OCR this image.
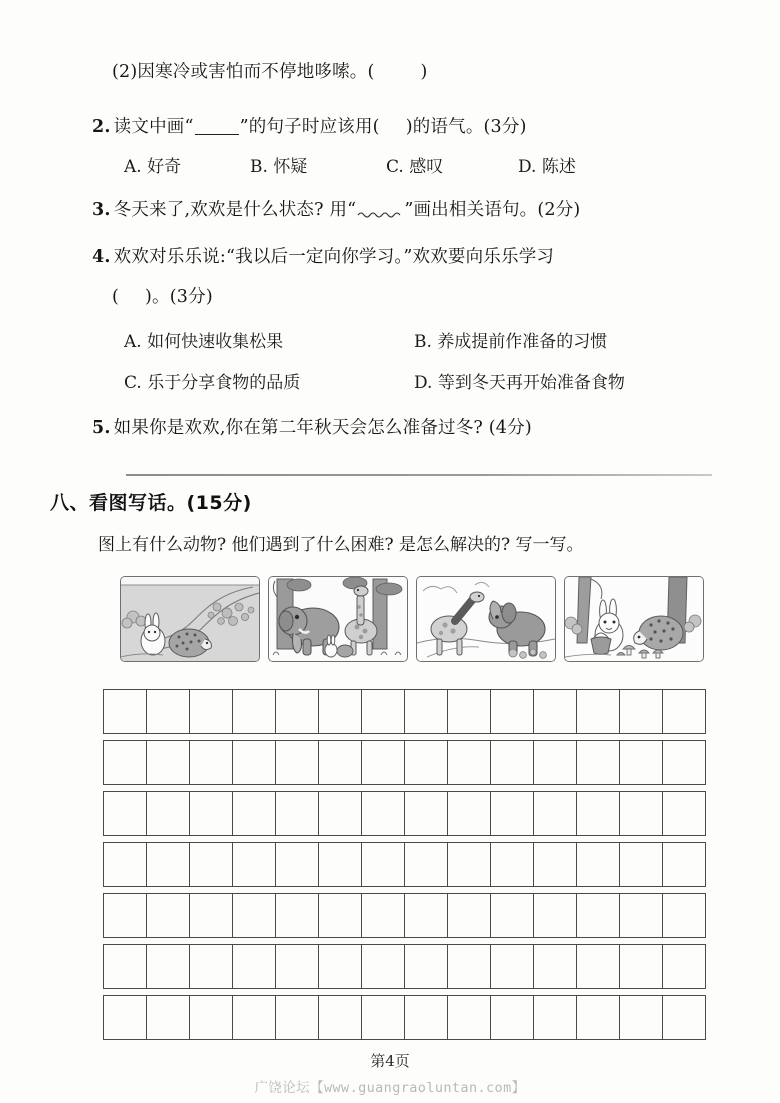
(2)因寒冷或害怕而不停地哆嗦。(	)
2. 读文中画“	”的句子时应该用( )的语气。(3分)
A. 好奇	B. 怀疑	C. 感叹	D. 陈述
3. 冬天来了,欢欢是什么状态? 用“	”画出相关语句。(2分)
4. 欢欢对乐乐说:“我以后一定向你学习。”欢欢要向乐乐学习
( )。(3分)
A. 如何快速收集松果	B. 养成提前作准备的习惯
C. 乐于分享食物的品质	D. 等到冬天再开始准备食物
5. 如果你是欢欢,你在第二年秋天会怎么准备过冬? (4分)
八、看图写话。(15分)
图上有什么动物? 他们遇到了什么困难? 是怎么解决的? 写一写。
第4页
广饶论坛【www.guangraoluntan.com】
